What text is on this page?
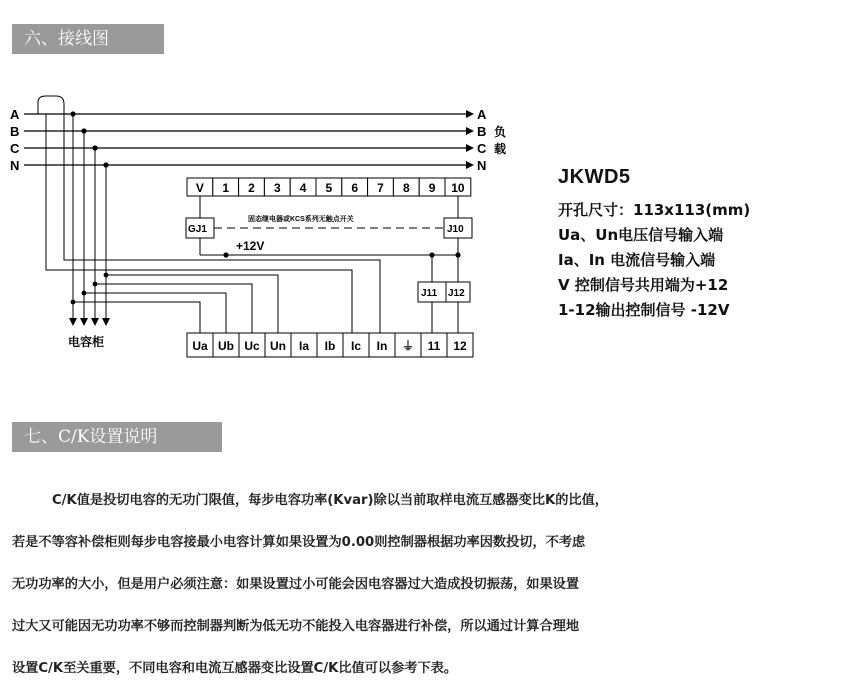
六、接线图
A
B
C
N
A
B
C
N
负 载
电容柜
V 1 2 3 4 5 6 7 8 9 10
GJ1	J10
固态继电器或KCS系列无触点开关
+12V
J11 J12
Ua Ub Uc Un Ia Ib Ic In ⏚ 11 12
JKWD5
开孔尺寸：113x113(mm)
Ua、Un电压信号输入端
Ia、In 电流信号输入端
V 控制信号共用端为+12
1-12输出控制信号 -12V
七、C/K设置说明
C/K值是投切电容的无功门限值，每步电容功率(Kvar)除以当前取样电流互感器变比K的比值，
若是不等容补偿柜则每步电容接最小电容计算如果设置为0.00则控制器根据功率因数投切，不考虑
无功功率的大小，但是用户必须注意：如果设置过小可能会因电容器过大造成投切振荡，如果设置
过大又可能因无功功率不够而控制器判断为低无功不能投入电容器进行补偿，所以通过计算合理地
设置C/K至关重要，不同电容和电流互感器变比设置C/K比值可以参考下表。
